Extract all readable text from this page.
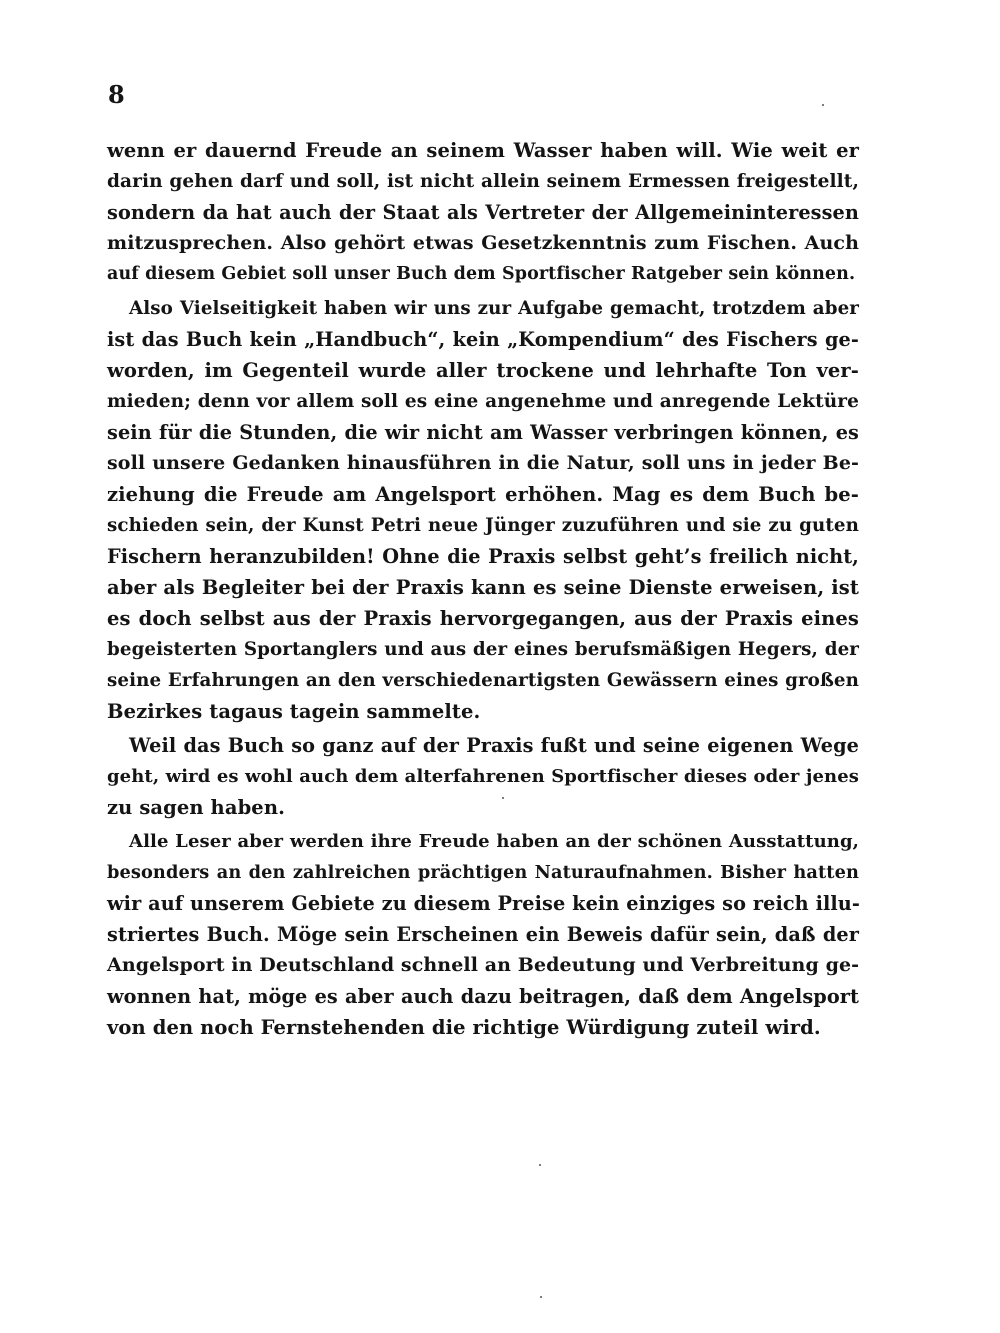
8
wenn er dauernd Freude an seinem Wasser haben will. Wie weit er
darin gehen darf und soll, ist nicht allein seinem Ermessen freigestellt,
sondern da hat auch der Staat als Vertreter der Allgemeininteressen
mitzusprechen. Also gehört etwas Gesetzkenntnis zum Fischen. Auch
auf diesem Gebiet soll unser Buch dem Sportfischer Ratgeber sein können.
Also Vielseitigkeit haben wir uns zur Aufgabe gemacht, trotzdem aber
ist das Buch kein „Handbuch“, kein „Kompendium“ des Fischers ge-
worden, im Gegenteil wurde aller trockene und lehrhafte Ton ver-
mieden; denn vor allem soll es eine angenehme und anregende Lektüre
sein für die Stunden, die wir nicht am Wasser verbringen können, es
soll unsere Gedanken hinausführen in die Natur, soll uns in jeder Be-
ziehung die Freude am Angelsport erhöhen. Mag es dem Buch be-
schieden sein, der Kunst Petri neue Jünger zuzuführen und sie zu guten
Fischern heranzubilden! Ohne die Praxis selbst geht’s freilich nicht,
aber als Begleiter bei der Praxis kann es seine Dienste erweisen, ist
es doch selbst aus der Praxis hervorgegangen, aus der Praxis eines
begeisterten Sportanglers und aus der eines berufsmäßigen Hegers, der
seine Erfahrungen an den verschiedenartigsten Gewässern eines großen
Bezirkes tagaus tagein sammelte.
Weil das Buch so ganz auf der Praxis fußt und seine eigenen Wege
geht, wird es wohl auch dem alterfahrenen Sportfischer dieses oder jenes
zu sagen haben.
Alle Leser aber werden ihre Freude haben an der schönen Ausstattung,
besonders an den zahlreichen prächtigen Naturaufnahmen. Bisher hatten
wir auf unserem Gebiete zu diesem Preise kein einziges so reich illu-
striertes Buch. Möge sein Erscheinen ein Beweis dafür sein, daß der
Angelsport in Deutschland schnell an Bedeutung und Verbreitung ge-
wonnen hat, möge es aber auch dazu beitragen, daß dem Angelsport
von den noch Fernstehenden die richtige Würdigung zuteil wird.
